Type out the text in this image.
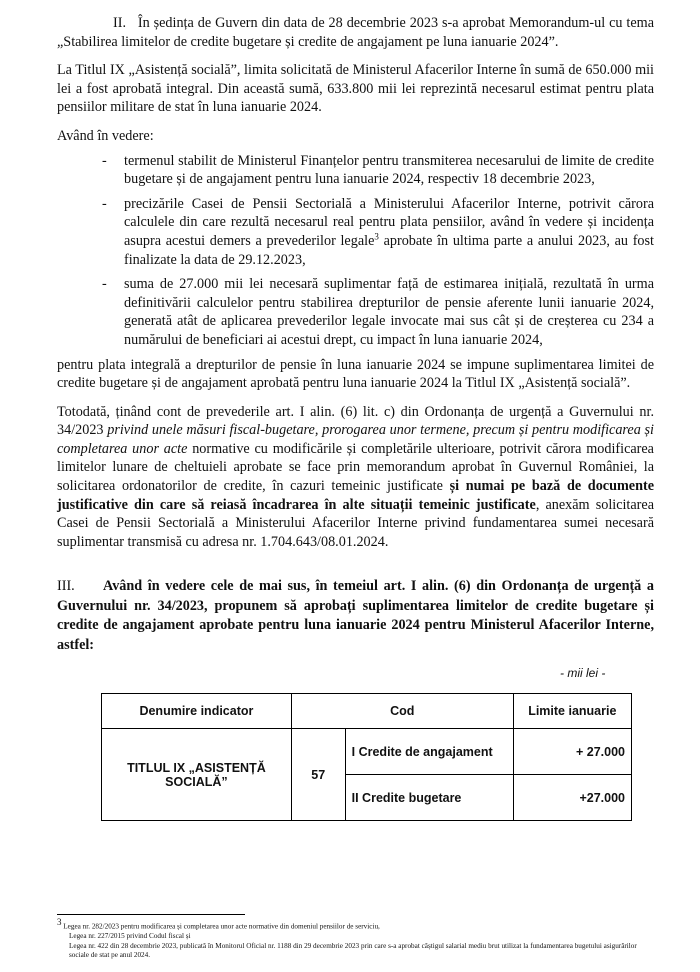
II. În ședința de Guvern din data de 28 decembrie 2023 s-a aprobat Memorandum-ul cu tema „Stabilirea limitelor de credite bugetare și credite de angajament pe luna ianuarie 2024”.

La Titlul IX „Asistență socială”, limita solicitată de Ministerul Afacerilor Interne în sumă de 650.000 mii lei a fost aprobată integral. Din această sumă, 633.800 mii lei reprezintă necesarul estimat pentru plata pensiilor militare de stat în luna ianuarie 2024.

Având în vedere:

- termenul stabilit de Ministerul Finanțelor pentru transmiterea necesarului de limite de credite bugetare și de angajament pentru luna ianuarie 2024, respectiv 18 decembrie 2023,
- precizările Casei de Pensii Sectorială a Ministerului Afacerilor Interne, potrivit cărora calculele din care rezultă necesarul real pentru plata pensiilor, având în vedere și incidența asupra acestui demers a prevederilor legale$^3$ aprobate în ultima parte a anului 2023, au fost finalizate la data de 29.12.2023,
- suma de 27.000 mii lei necesară suplimentar față de estimarea inițială, rezultată în urma definitivării calculelor pentru stabilirea drepturilor de pensie aferente lunii ianuarie 2024, generată atât de aplicarea prevederilor legale invocate mai sus cât și de creșterea cu 234 a numărului de beneficiari ai acestui drept, cu impact în luna ianuarie 2024,

pentru plata integrală a drepturilor de pensie în luna ianuarie 2024 se impune suplimentarea limitei de credite bugetare și de angajament aprobată pentru luna ianuarie 2024 la Titlul IX „Asistență socială”.

Totodată, ținând cont de prevederile art. I alin. (6) lit. c) din Ordonanța de urgență a Guvernului nr. 34/2023 privind unele măsuri fiscal-bugetare, prorogarea unor termene, precum și pentru modificarea și completarea unor acte normative cu modificările și completările ulterioare, potrivit cărora modificarea limitelor lunare de cheltuieli aprobate se face prin memorandum aprobat în Guvernul României, la solicitarea ordonatorilor de credite, în cazuri temeinic justificate și numai pe bază de documente justificative din care să reiasă încadrarea în alte situații temeinic justificate, anexăm solicitarea Casei de Pensii Sectorială a Ministerului Afacerilor Interne privind fundamentarea sumei necesară suplimentar transmisă cu adresa nr. 1.704.643/08.01.2024.

III. Având în vedere cele de mai sus, în temeiul art. I alin. (6) din Ordonanța de urgență a Guvernului nr. 34/2023, propunem să aprobați suplimentarea limitelor de credite bugetare și credite de angajament aprobate pentru luna ianuarie 2024 pentru Ministerul Afacerilor Interne, astfel:

- mii lei -
Denumire indicator	Cod		Limite ianuarie
TITLUL IX „ASISTENȚĂ SOCIALĂ”	57	I Credite de angajament	+ 27.000
		II Credite bugetare	+27.000
$^3$ Legea nr. 282/2023 pentru modificarea și completarea unor acte normative din domeniul pensiilor de serviciu,
Legea nr. 227/2015 privind Codul fiscal și
Legea nr. 422 din 28 decembrie 2023, publicată în Monitorul Oficial nr. 1188 din 29 decembrie 2023 prin care s-a aprobat câștigul salarial mediu brut utilizat la fundamentarea bugetului asigurărilor sociale de stat pe anul 2024.
